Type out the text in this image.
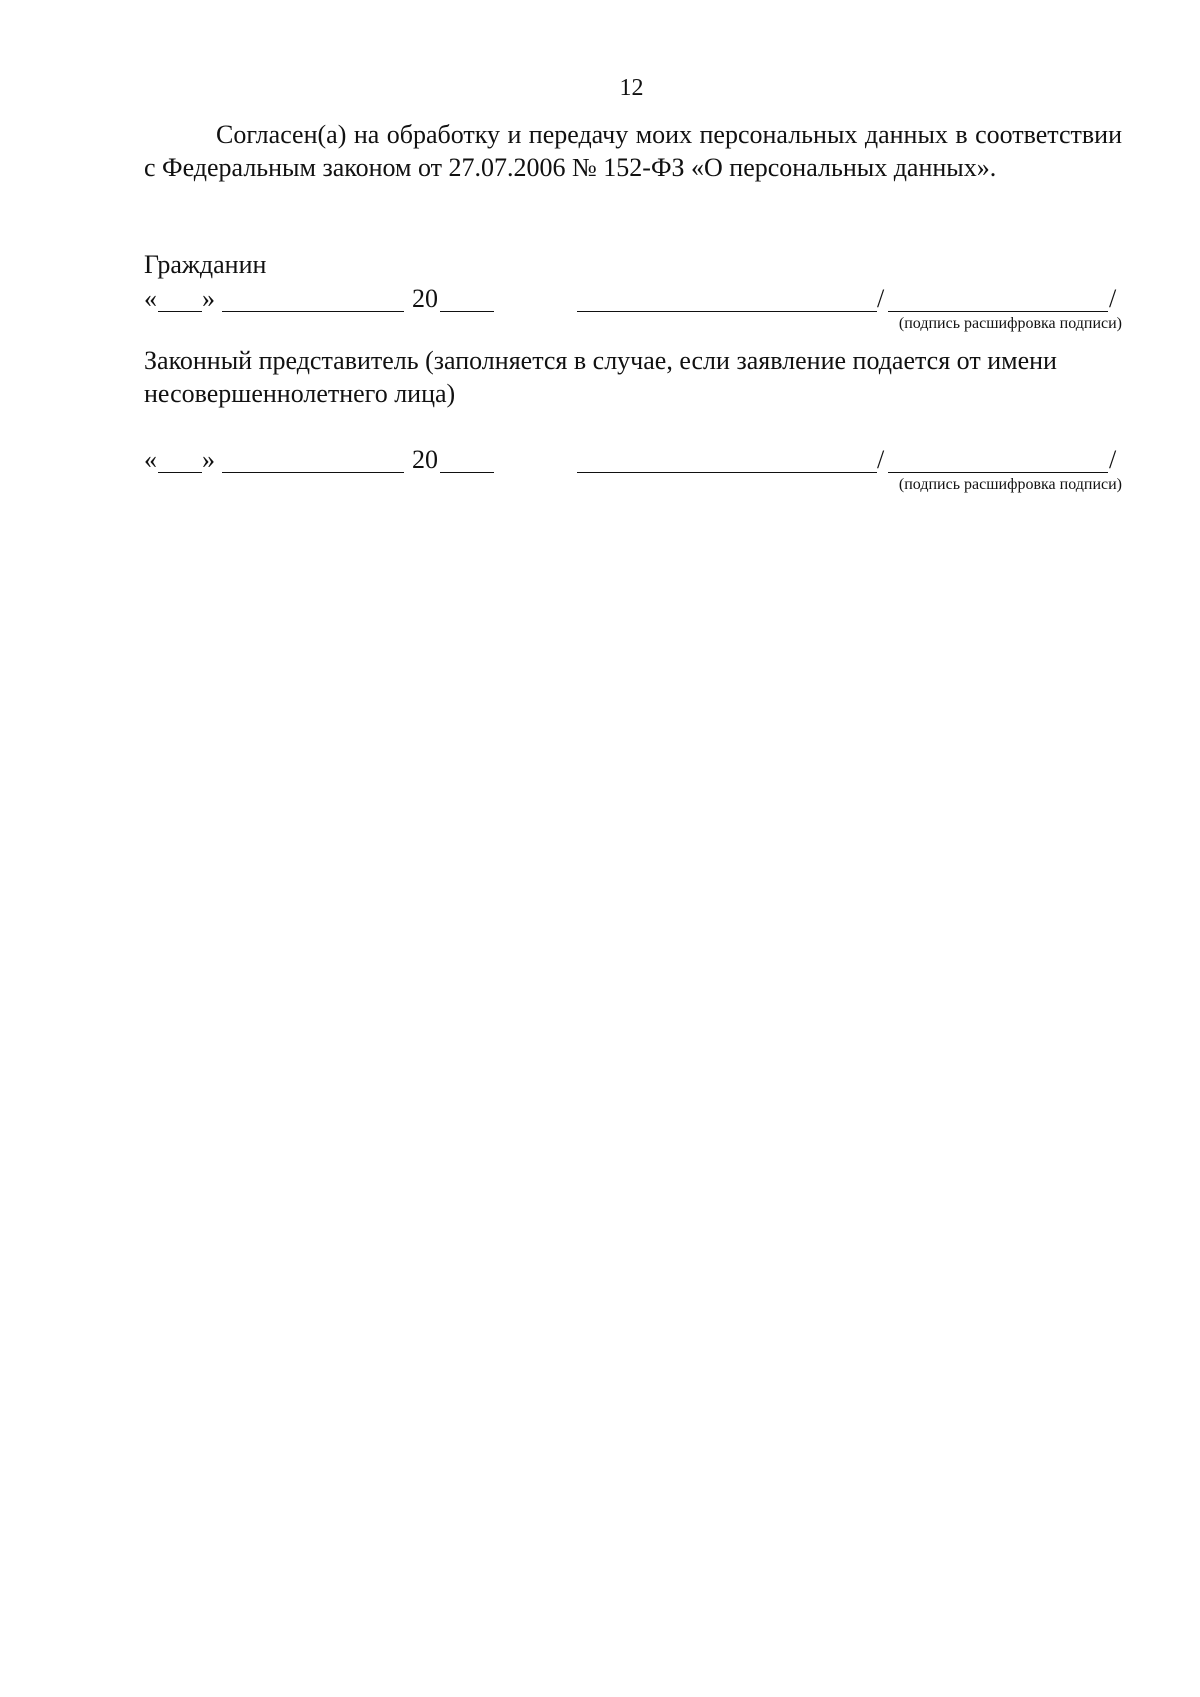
12

Согласен(а) на обработку и передачу моих персональных данных в соответствии с Федеральным законом от 27.07.2006 № 152-ФЗ «О персональных данных».

Гражданин

« »	20	/	/
(подпись расшифровка подписи)

Законный представитель (заполняется в случае, если заявление подается от имени несовершеннолетнего лица)

« »	20	/	/
(подпись расшифровка подписи)
